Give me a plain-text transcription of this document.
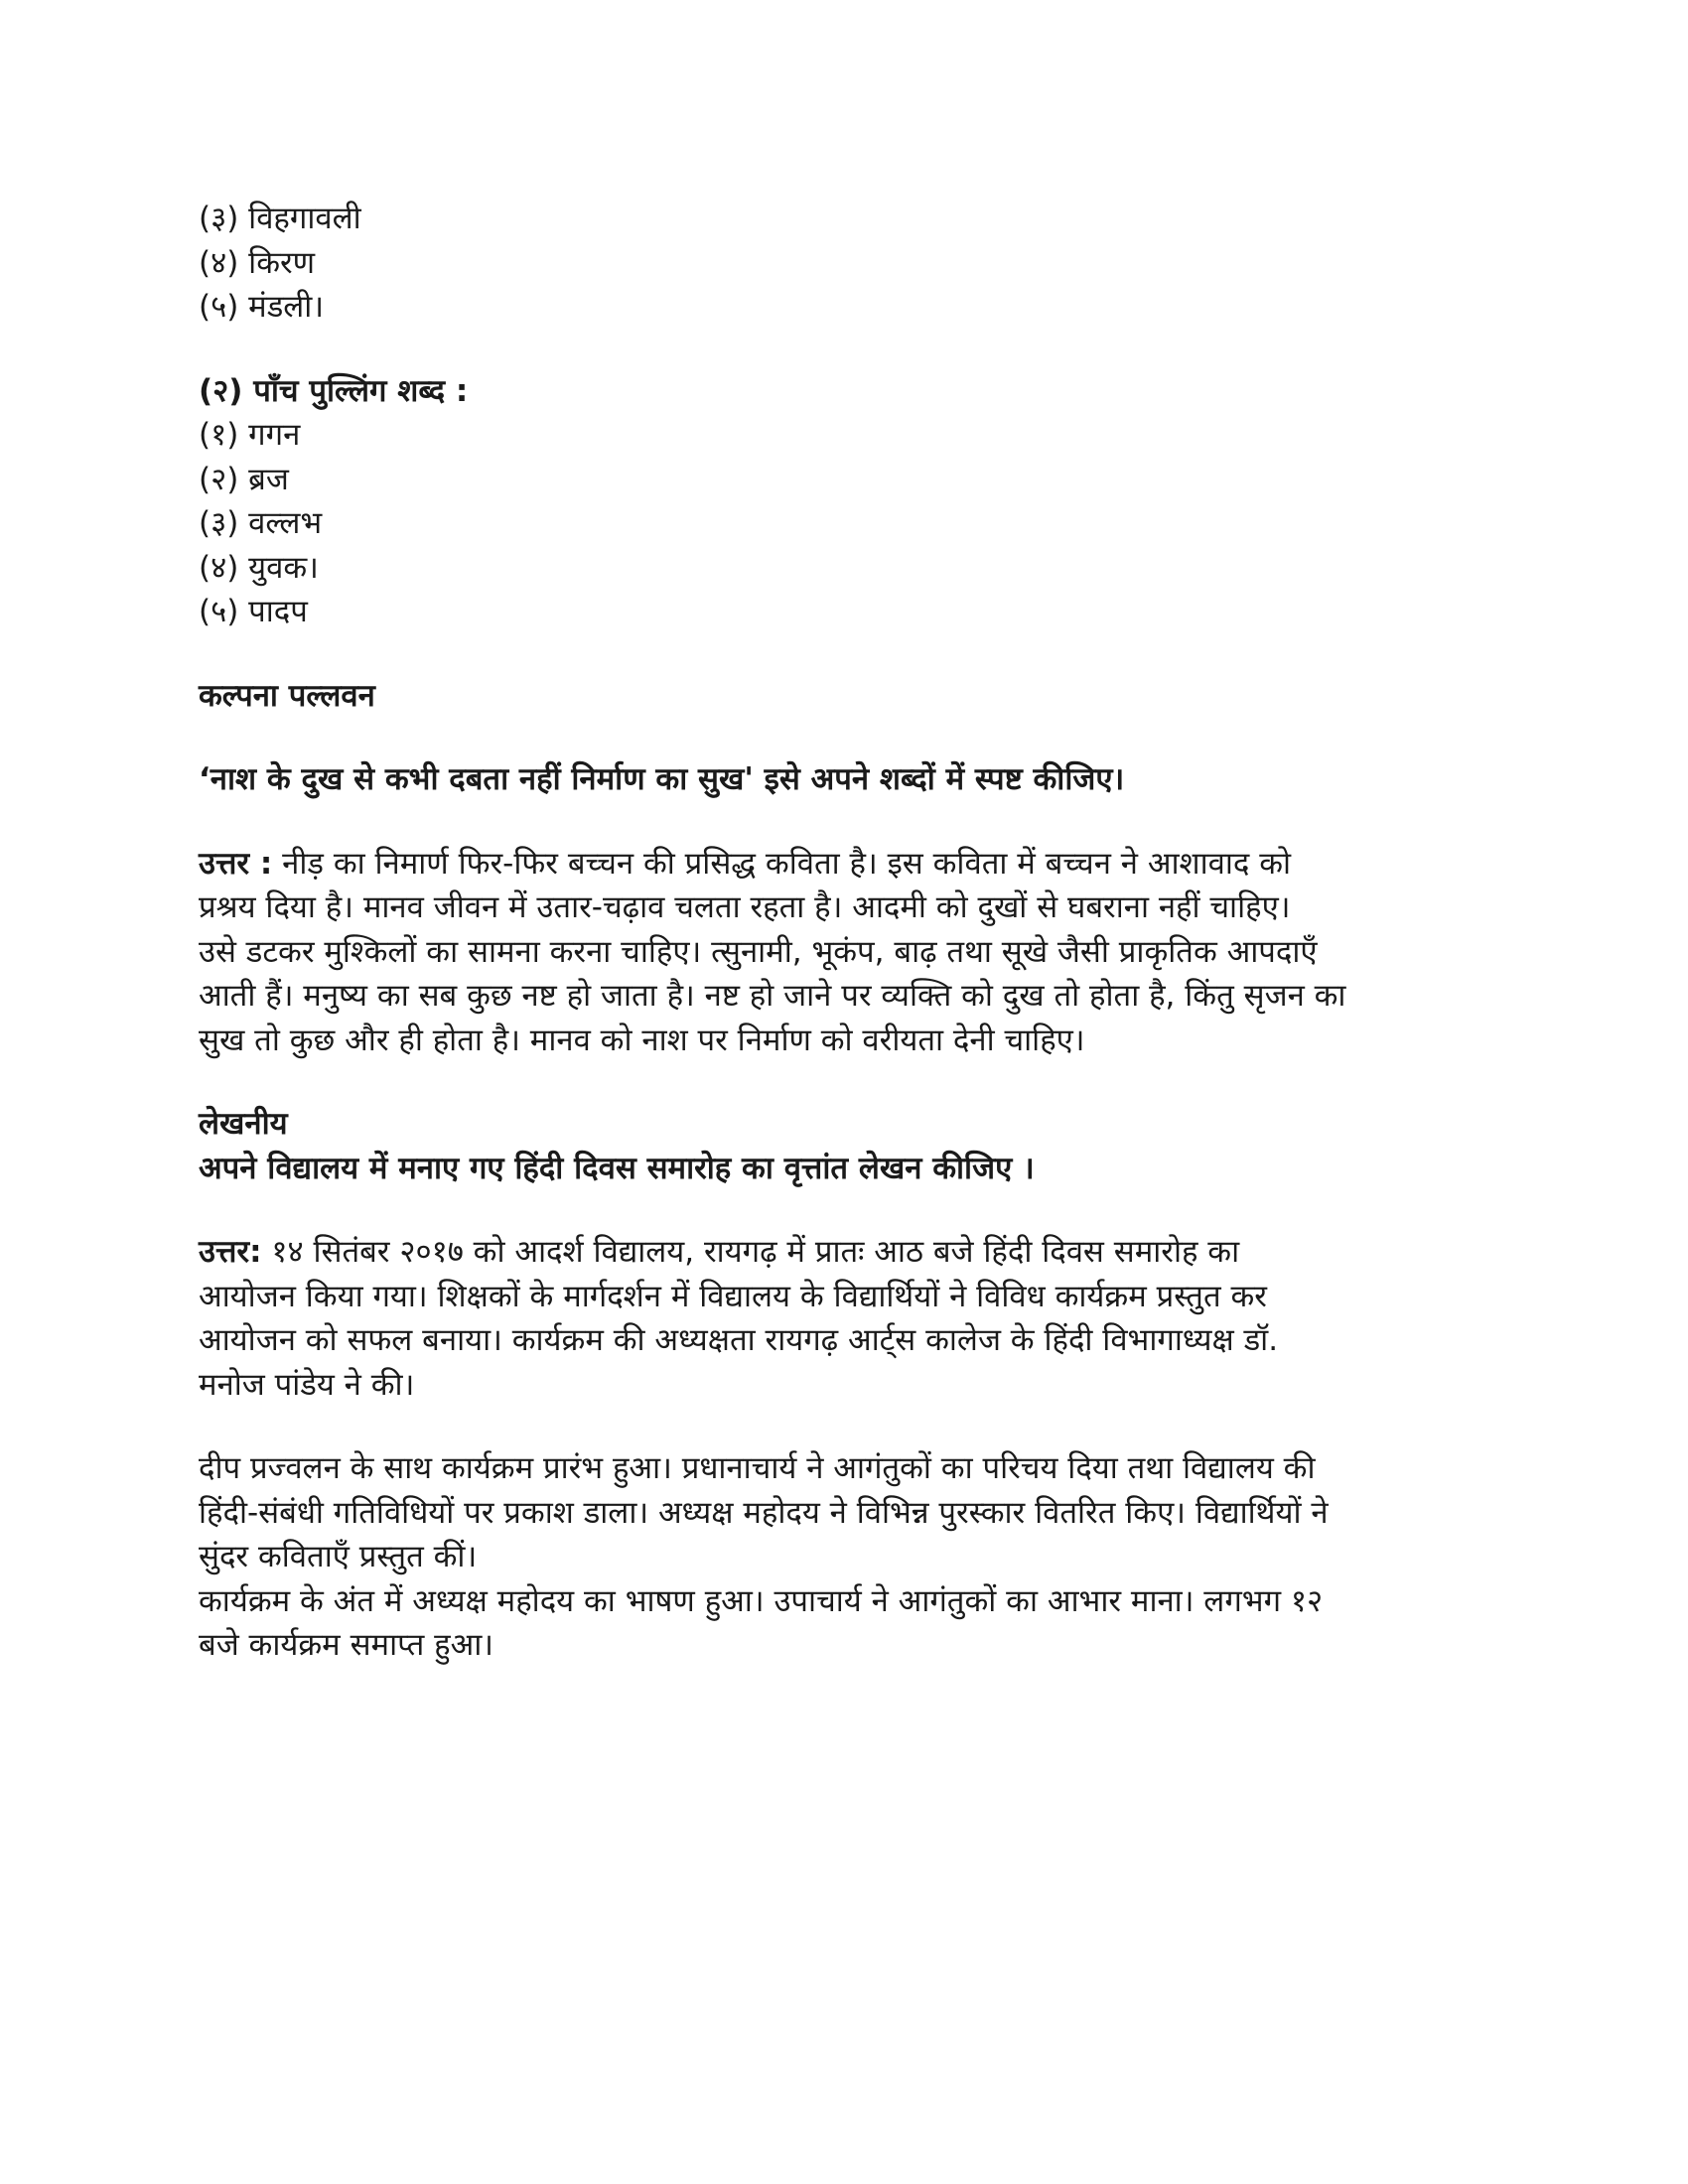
(३) विहगावली
(४) किरण
(५) मंडली।
(२) पाँच पुल्लिंग शब्द :
(१) गगन
(२) ब्रज
(३) वल्लभ
(४) युवक।
(५) पादप
कल्पना पल्लवन
‘नाश के दुख से कभी दबता नहीं निर्माण का सुख' इसे अपने शब्दों में स्पष्ट कीजिए।
उत्तर : नीड़ का निमार्ण फिर-फिर बच्चन की प्रसिद्ध कविता है। इस कविता में बच्चन ने आशावाद को
प्रश्रय दिया है। मानव जीवन में उतार-चढ़ाव चलता रहता है। आदमी को दुखों से घबराना नहीं चाहिए।
उसे डटकर मुश्किलों का सामना करना चाहिए। त्सुनामी, भूकंप, बाढ़ तथा सूखे जैसी प्राकृतिक आपदाएँ
आती हैं। मनुष्य का सब कुछ नष्ट हो जाता है। नष्ट हो जाने पर व्यक्ति को दुख तो होता है, किंतु सृजन का
सुख तो कुछ और ही होता है। मानव को नाश पर निर्माण को वरीयता देनी चाहिए।
लेखनीय
अपने विद्यालय में मनाए गए हिंदी दिवस समारोह का वृत्तांत लेखन कीजिए ।
उत्तर: १४ सितंबर २०१७ को आदर्श विद्यालय, रायगढ़ में प्रातः आठ बजे हिंदी दिवस समारोह का
आयोजन किया गया। शिक्षकों के मार्गदर्शन में विद्यालय के विद्यार्थियों ने विविध कार्यक्रम प्रस्तुत कर
आयोजन को सफल बनाया। कार्यक्रम की अध्यक्षता रायगढ़ आर्ट्स कालेज के हिंदी विभागाध्यक्ष डॉ.
मनोज पांडेय ने की।
दीप प्रज्वलन के साथ कार्यक्रम प्रारंभ हुआ। प्रधानाचार्य ने आगंतुकों का परिचय दिया तथा विद्यालय की
हिंदी-संबंधी गतिविधियों पर प्रकाश डाला। अध्यक्ष महोदय ने विभिन्न पुरस्कार वितरित किए। विद्यार्थियों ने
सुंदर कविताएँ प्रस्तुत कीं।
कार्यक्रम के अंत में अध्यक्ष महोदय का भाषण हुआ। उपाचार्य ने आगंतुकों का आभार माना। लगभग १२
बजे कार्यक्रम समाप्त हुआ।
